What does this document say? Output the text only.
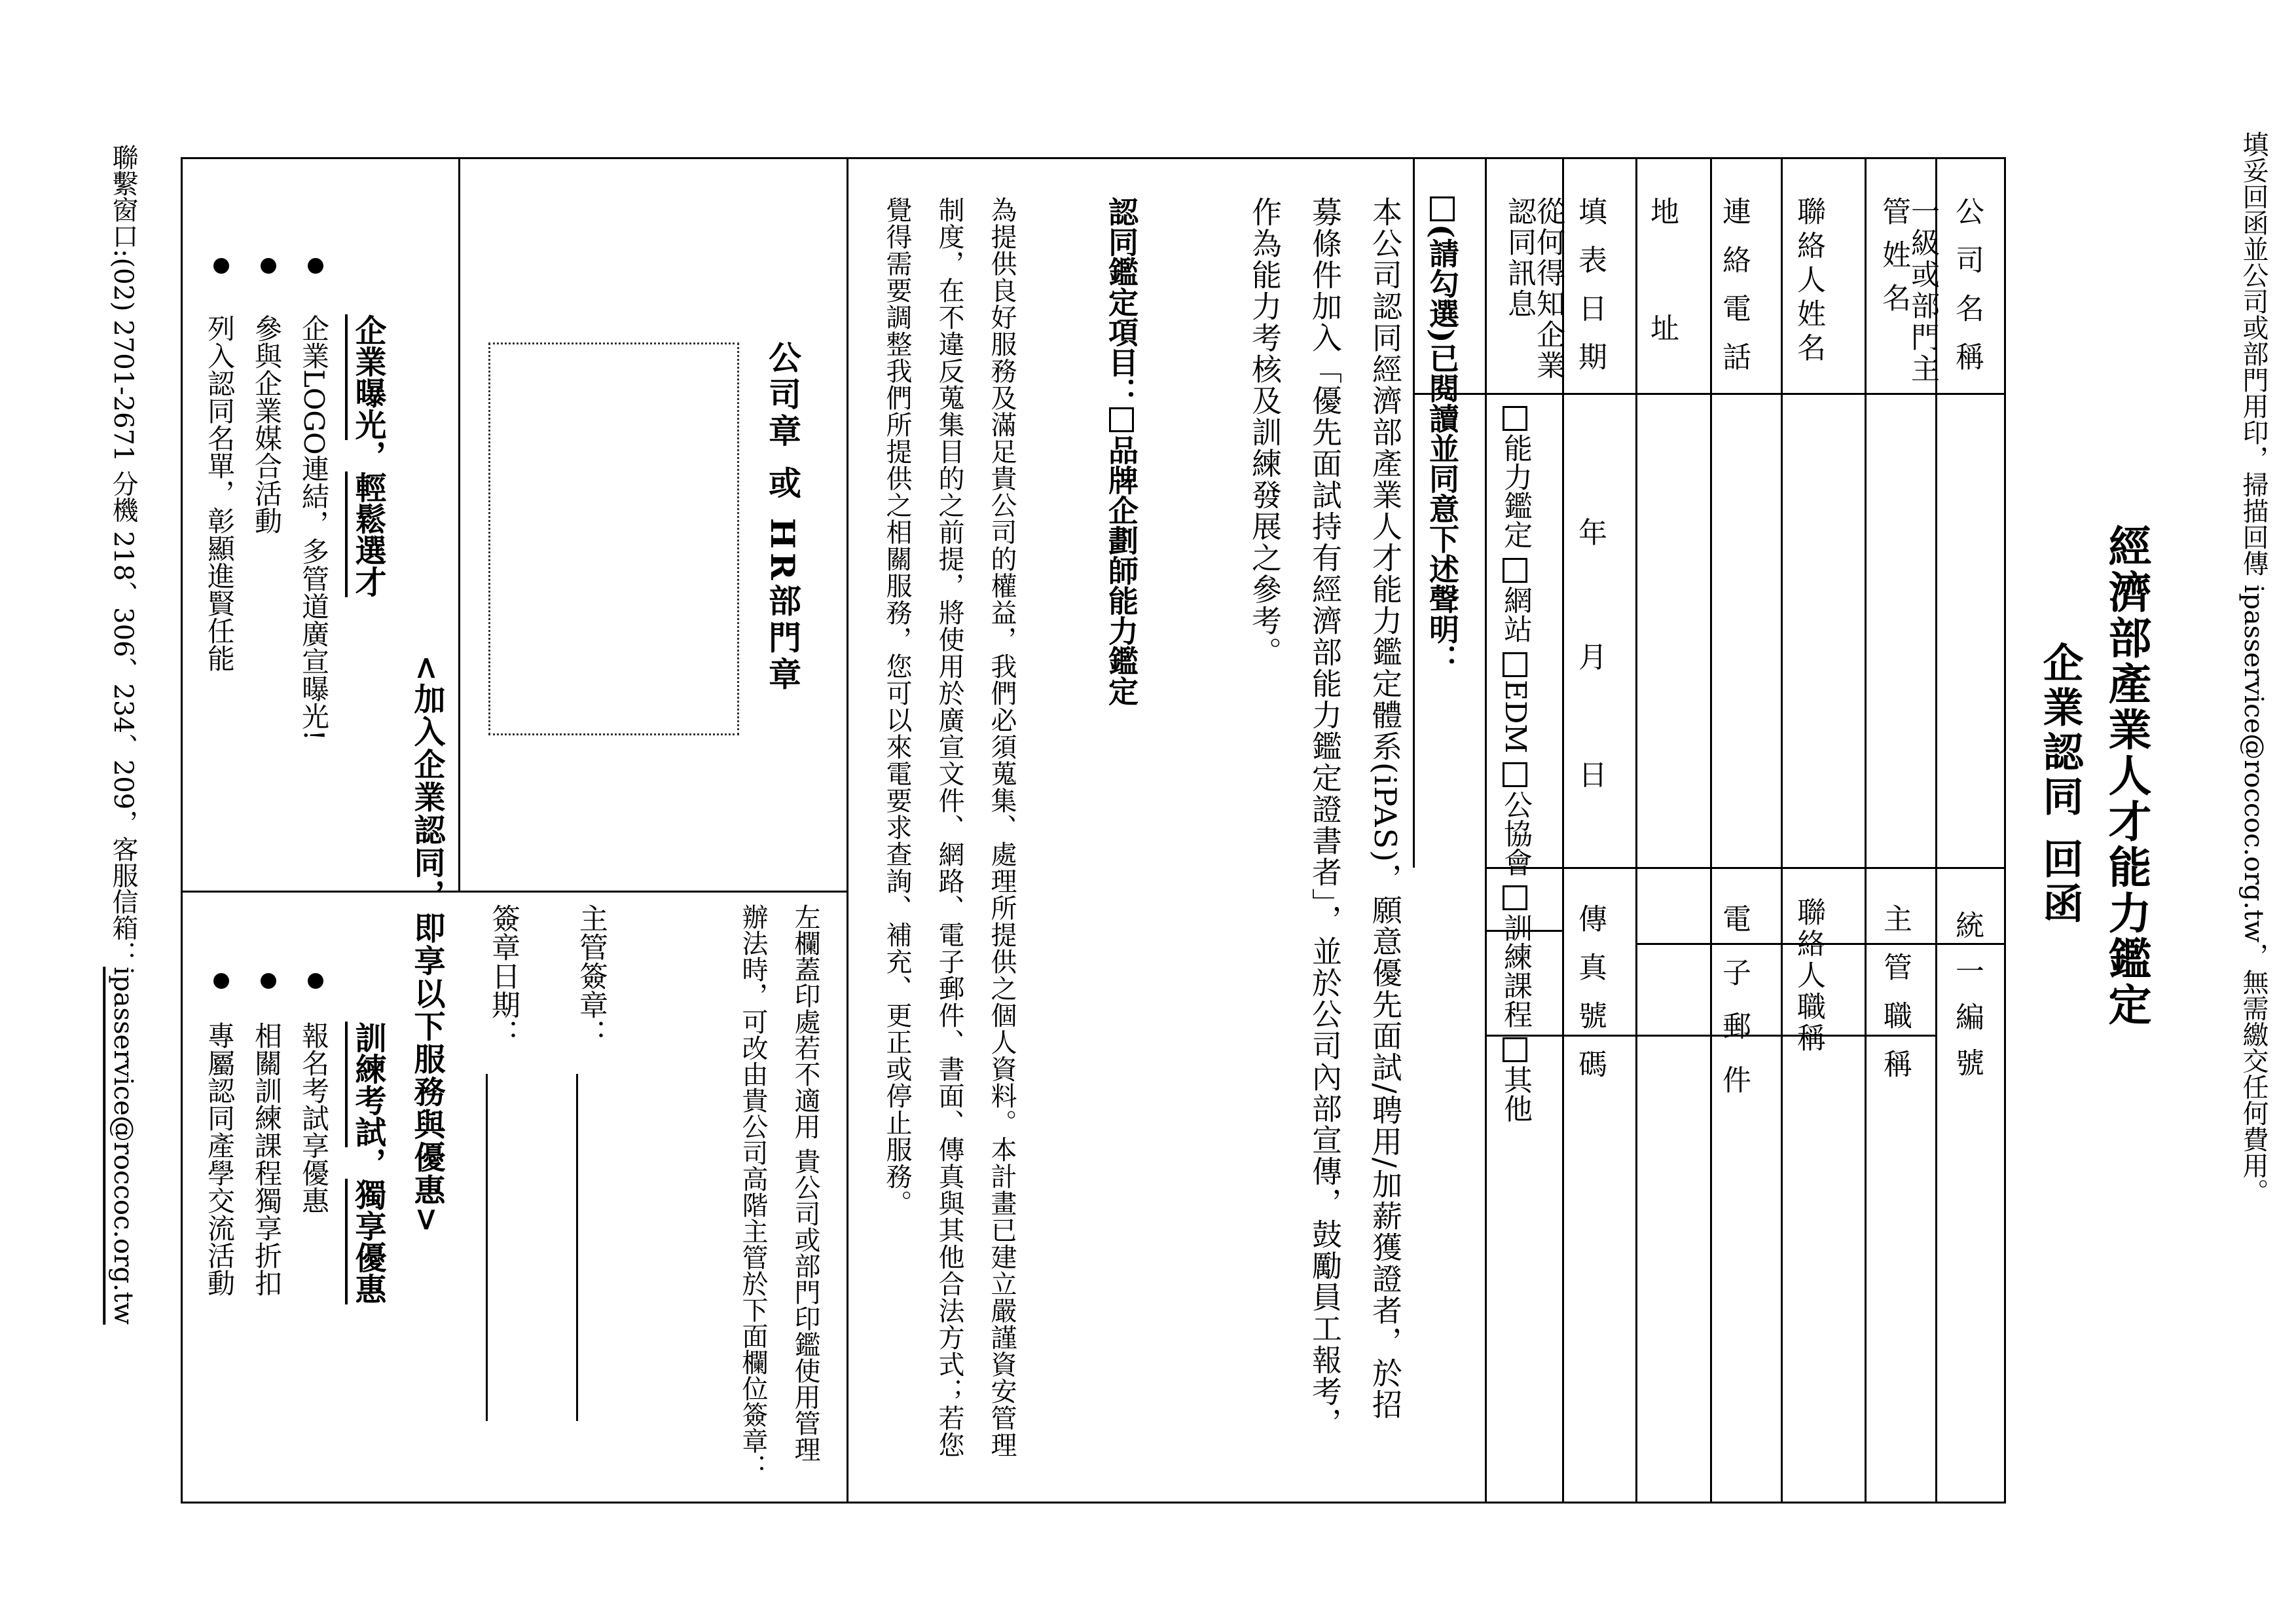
填妥回函並公司或部門用印，掃描回傳 ipasservice@roccoc.org.tw，無需繳交任何費用。
經濟部產業人才能力鑑定
企業認同 回函
公 司 名 稱
統 一 編 號
一級或部門主 管 姓 名
主 管 職 稱
聯絡人姓名
聯絡人職稱
連 絡 電 話
電 子 郵 件
地 址
填 表 日 期
年
月
日
傳 真 號 碼
從何得知企業認同訊息
能力鑑定 網站 EDM 公協會 訓練課程 其他
(請勾選)已閱讀並同意下述聲明：
本公司認同經濟部產業人才能力鑑定體系(iPAS)，願意優先面試/聘用/加薪獲證者，於招募條件加入「優先面試持有經濟部能力鑑定證書者」，並於公司內部宣傳，鼓勵員工報考，作為能力考核及訓練發展之參考。
認同鑑定項目：品牌企劃師能力鑑定
為提供良好服務及滿足貴公司的權益，我們必須蒐集、處理所提供之個人資料。本計畫已建立嚴謹資安管理制度，在不違反蒐集目的之前提，將使用於廣宣文件、網路、電子郵件、書面、傳真與其他合法方式；若您覺得需要調整我們所提供之相關服務，您可以來電要求查詢、補充、更正或停止服務。
公司章 或 HR部門章
左欄蓋印處若不適用 貴公司或部門印鑑使用管理辦法時，可改由貴公司高階主管於下面欄位簽章：
主管簽章：
簽章日期：
<加入企業認同，即享以下服務與優惠>
企業曝光，輕鬆選才
企業LOGO連結，多管道廣宣曝光!
參與企業媒合活動
列入認同名單，彰顯進賢任能
訓練考試，獨享優惠
報名考試享優惠
相關訓練課程獨享折扣
專屬認同產學交流活動
聯繫窗口:(02) 2701-2671 分機 218、306、234、209，客服信箱：ipasservice@roccoc.org.tw
